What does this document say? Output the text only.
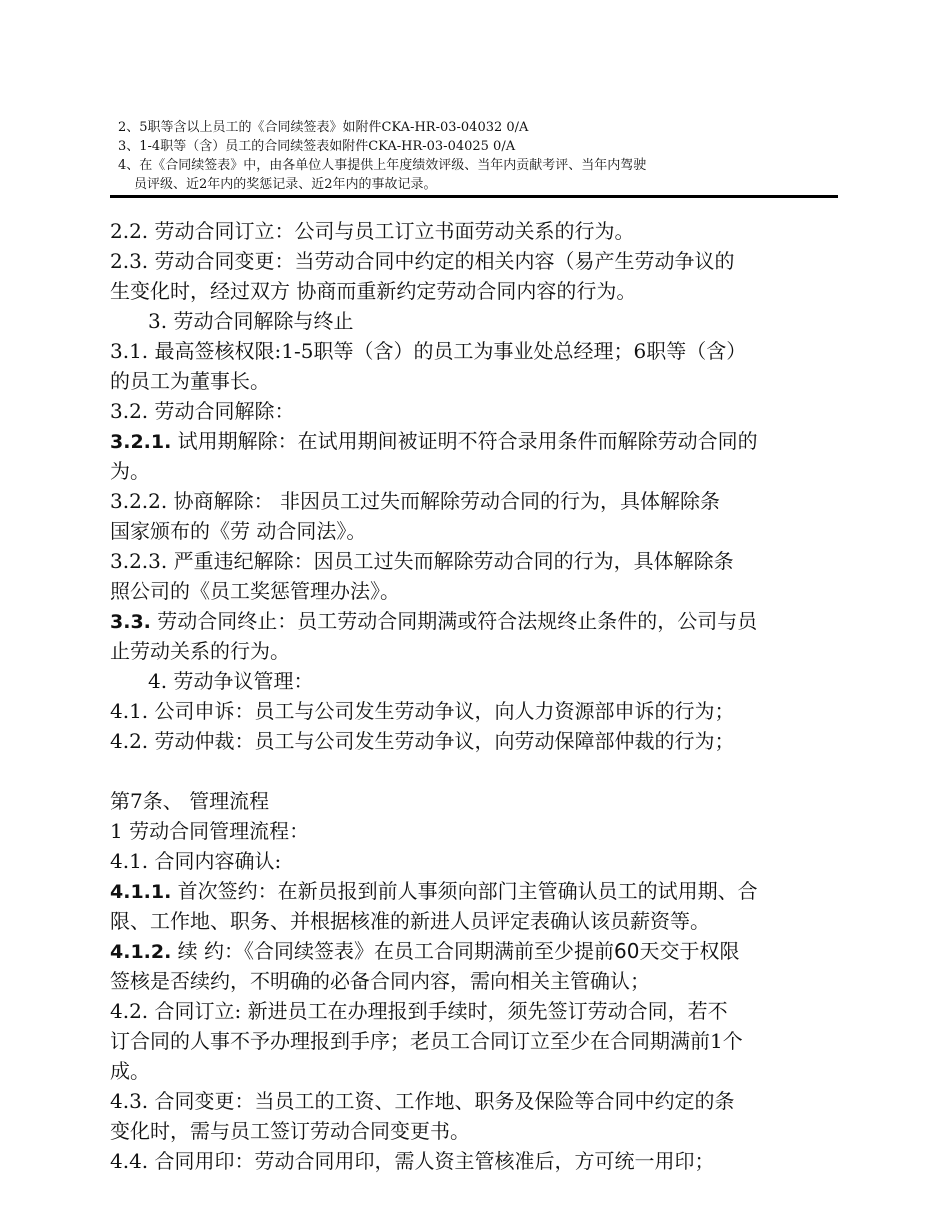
2、5职等含以上员工的《合同续签表》如附件CKA-HR-03-04032 0/A
3、1-4职等（含）员工的合同续签表如附件CKA-HR-03-04025 0/A
4、在《合同续签表》中，由各单位人事提供上年度绩效评级、当年内贡献考评、当年内驾驶
员评级、近2年内的奖惩记录、近2年内的事故记录。
2.2. 劳动合同订立：公司与员工订立书面劳动关系的行为。
2.3. 劳动合同变更：当劳动合同中约定的相关内容（易产生劳动争议的
生变化时，经过双方 协商而重新约定劳动合同内容的行为。
3. 劳动合同解除与终止
3.1. 最高签核权限:1-5职等（含）的员工为事业处总经理；6职等（含）
的员工为董事长。
3.2. 劳动合同解除：
3.2.1. 试用期解除：在试用期间被证明不符合录用条件而解除劳动合同的
为。
3.2.2. 协商解除： 非因员工过失而解除劳动合同的行为，具体解除条
国家颁布的《劳 动合同法》。
3.2.3. 严重违纪解除：因员工过失而解除劳动合同的行为，具体解除条
照公司的《员工奖惩管理办法》。
3.3. 劳动合同终止：员工劳动合同期满或符合法规终止条件的，公司与员
止劳动关系的行为。
4. 劳动争议管理：
4.1. 公司申诉：员工与公司发生劳动争议，向人力资源部申诉的行为；
4.2. 劳动仲裁：员工与公司发生劳动争议，向劳动保障部仲裁的行为；
第7条、 管理流程
1 劳动合同管理流程：
4.1. 合同内容确认:
4.1.1. 首次签约：在新员报到前人事须向部门主管确认员工的试用期、合
限、工作地、职务、并根据核准的新进人员评定表确认该员薪资等。
4.1.2. 续 约：《合同续签表》在员工合同期满前至少提前60天交于权限
签核是否续约，不明确的必备合同内容，需向相关主管确认；
4.2. 合同订立: 新进员工在办理报到手续时，须先签订劳动合同，若不
订合同的人事不予办理报到手序；老员工合同订立至少在合同期满前1个
成。
4.3. 合同变更：当员工的工资、工作地、职务及保险等合同中约定的条
变化时，需与员工签订劳动合同变更书。
4.4. 合同用印：劳动合同用印，需人资主管核准后，方可统一用印；
